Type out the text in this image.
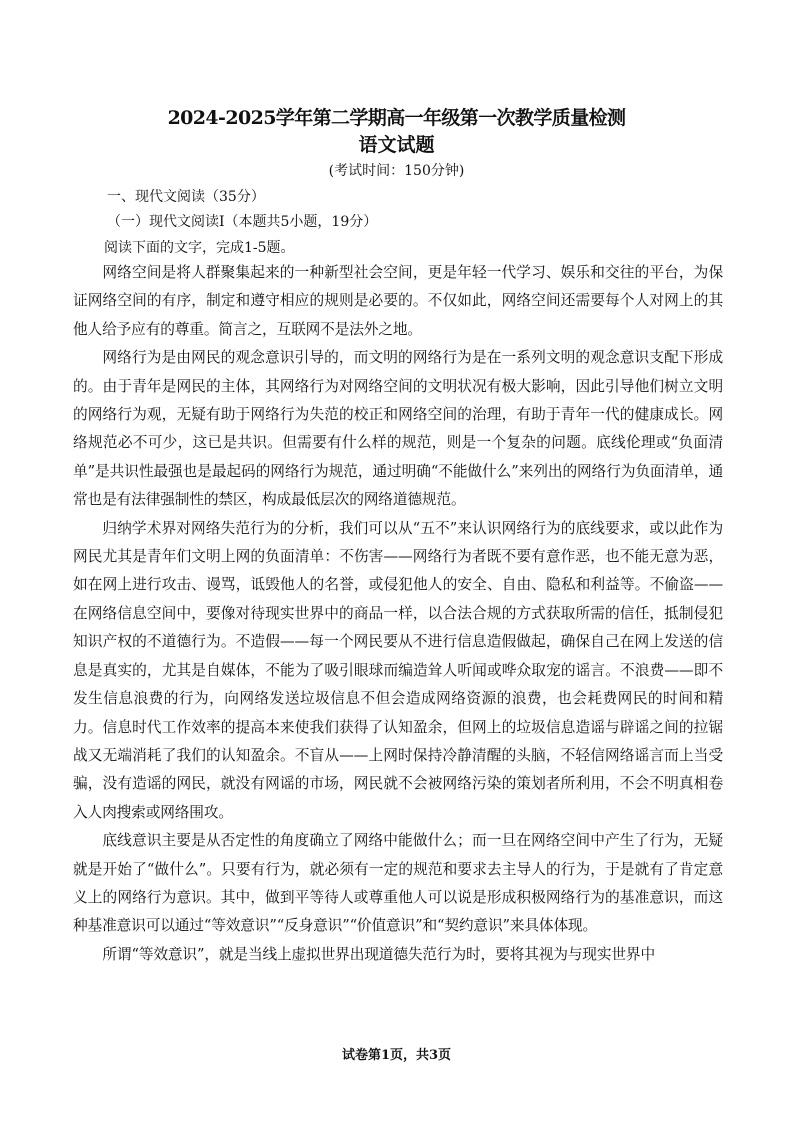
2024-2025学年第二学期高一年级第一次教学质量检测
语文试题
(考试时间：150分钟)
一、现代文阅读（35分）
（一）现代文阅读Ⅰ（本题共5小题，19分）
阅读下面的文字，完成1-5题。

网络空间是将人群聚集起来的一种新型社会空间，更是年轻一代学习、娱乐和交往的平台，为保证网络空间的有序，制定和遵守相应的规则是必要的。不仅如此，网络空间还需要每个人对网上的其他人给予应有的尊重。简言之，互联网不是法外之地。

网络行为是由网民的观念意识引导的，而文明的网络行为是在一系列文明的观念意识支配下形成的。由于青年是网民的主体，其网络行为对网络空间的文明状况有极大影响，因此引导他们树立文明的网络行为观，无疑有助于网络行为失范的校正和网络空间的治理，有助于青年一代的健康成长。网络规范必不可少，这已是共识。但需要有什么样的规范，则是一个复杂的问题。底线伦理或“负面清单”是共识性最强也是最起码的网络行为规范，通过明确“不能做什么”来列出的网络行为负面清单，通常也是有法律强制性的禁区，构成最低层次的网络道德规范。

归纳学术界对网络失范行为的分析，我们可以从“五不”来认识网络行为的底线要求，或以此作为网民尤其是青年们文明上网的负面清单：不伤害——网络行为者既不要有意作恶，也不能无意为恶，如在网上进行攻击、谩骂，诋毁他人的名誉，或侵犯他人的安全、自由、隐私和利益等。不偷盗——在网络信息空间中，要像对待现实世界中的商品一样，以合法合规的方式获取所需的信任，抵制侵犯知识产权的不道德行为。不造假——每一个网民要从不进行信息造假做起，确保自己在网上发送的信息是真实的，尤其是自媒体，不能为了吸引眼球而编造耸人听闻或哗众取宠的谣言。不浪费——即不发生信息浪费的行为，向网络发送垃圾信息不但会造成网络资源的浪费，也会耗费网民的时间和精力。信息时代工作效率的提高本来使我们获得了认知盈余，但网上的垃圾信息造谣与辟谣之间的拉锯战又无端消耗了我们的认知盈余。不盲从——上网时保持冷静清醒的头脑，不轻信网络谣言而上当受骗，没有造谣的网民，就没有网谣的市场，网民就不会被网络污染的策划者所利用，不会不明真相卷入人肉搜索或网络围攻。

底线意识主要是从否定性的角度确立了网络中能做什么；而一旦在网络空间中产生了行为，无疑就是开始了“做什么”。只要有行为，就必须有一定的规范和要求去主导人的行为，于是就有了肯定意义上的网络行为意识。其中，做到平等待人或尊重他人可以说是形成积极网络行为的基准意识，而这种基准意识可以通过“等效意识”“反身意识”“价值意识”和“契约意识”来具体体现。

所谓“等效意识”，就是当线上虚拟世界出现道德失范行为时，要将其视为与现实世界中

试卷第1页，共3页
